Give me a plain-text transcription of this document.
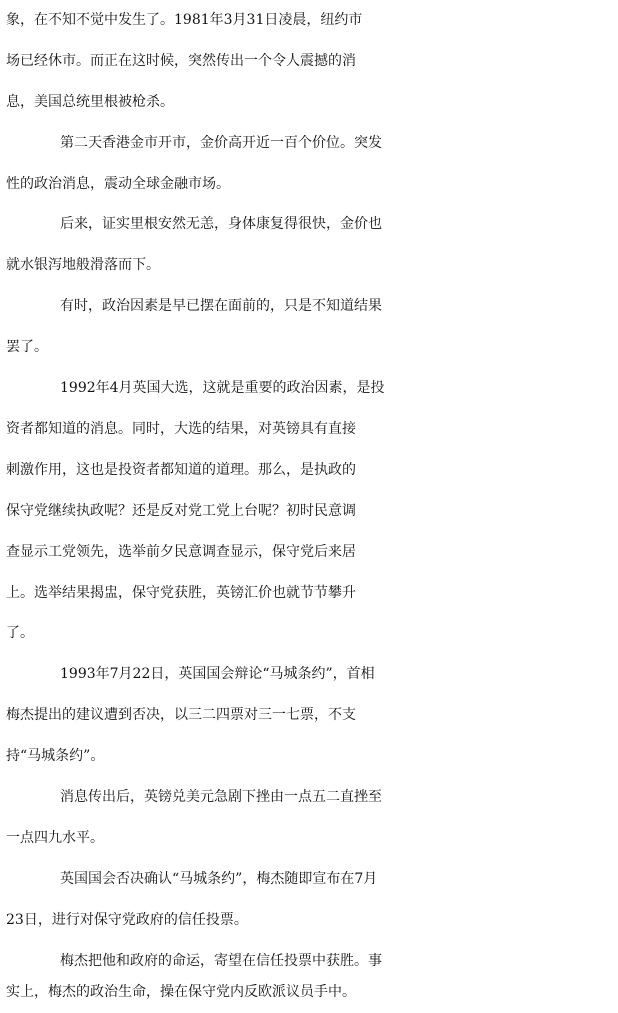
象，在不知不觉中发生了。1981年3月31日凌晨，纽约市
场已经休市。而正在这时候，突然传出一个令人震撼的消
息，美国总统里根被枪杀。
第二天香港金市开市，金价高开近一百个价位。突发
性的政治消息，震动全球金融市场。
后来，证实里根安然无恙，身体康复得很快，金价也
就水银泻地般滑落而下。
有时，政治因素是早已摆在面前的，只是不知道结果
罢了。
1992年4月英国大选，这就是重要的政治因素，是投
资者都知道的消息。同时，大选的结果，对英镑具有直接
刺激作用，这也是投资者都知道的道理。那么，是执政的
保守党继续执政呢？还是反对党工党上台呢？初时民意调
查显示工党领先，选举前夕民意调查显示，保守党后来居
上。选举结果揭盅，保守党获胜，英镑汇价也就节节攀升
了。
1993年7月22日，英国国会辩论“马城条约”，首相
梅杰提出的建议遭到否决，以三二四票对三一七票，不支
持“马城条约”。
消息传出后，英镑兑美元急剧下挫由一点五二直挫至
一点四九水平。
英国国会否决确认“马城条约”，梅杰随即宣布在7月
23日，进行对保守党政府的信任投票。
梅杰把他和政府的命运，寄望在信任投票中获胜。事
实上，梅杰的政治生命，操在保守党内反欧派议员手中。
